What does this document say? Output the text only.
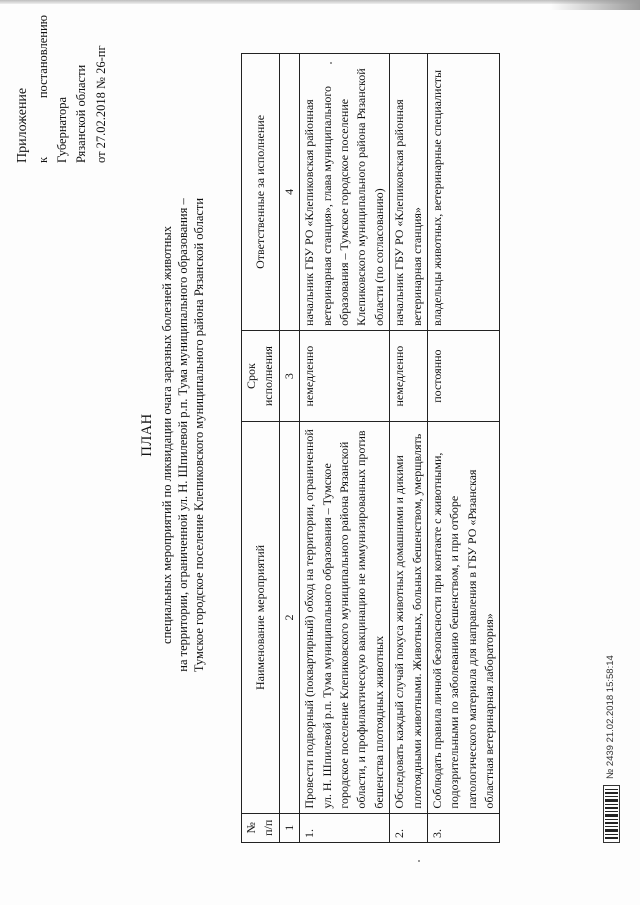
Приложение к постановлению Губернатора Рязанской области от 27.02.2018 № 26-пг
ПЛАН специальных мероприятий по ликвидации очага заразных болезней животных на территории, ограниченной ул. Н. Шпилевой р.п. Тума муниципального образования – Тумское городское поселение Клепиковского муниципального района Рязанской области
№ п/п	Наименование мероприятий	Срок исполнения	Ответственные за исполнение
1	2	3	4
1.	Провести подворный (поквартирный) обход на территории, ограниченной ул. Н. Шпилевой р.п. Тума муниципального образования – Тумское городское поселение Клепиковского муниципального района Рязанской области, и профилактическую вакцинацию не иммунизированных против бешенства плотоядных животных	немедленно	начальник ГБУ РО «Клепиковская районная ветеринарная станция», глава муниципального образования – Тумское городское поселение Клепиковского муниципального района Рязанской области (по согласованию)
2.	Обследовать каждый случай покуса животных домашними и дикими плотоядными животными. Животных, больных бешенством, умерщвлять	немедленно	начальник ГБУ РО «Клепиковская районная ветеринарная станция»
3.	Соблюдать правила личной безопасности при контакте с животными, подозрительными по заболеванию бешенством, и при отборе патологического материала для направления в ГБУ РО «Рязанская областная ветеринарная лаборатория»	постоянно	владельцы животных, ветеринарные специалисты
№ 2439 21.02.2018 15:58:14
